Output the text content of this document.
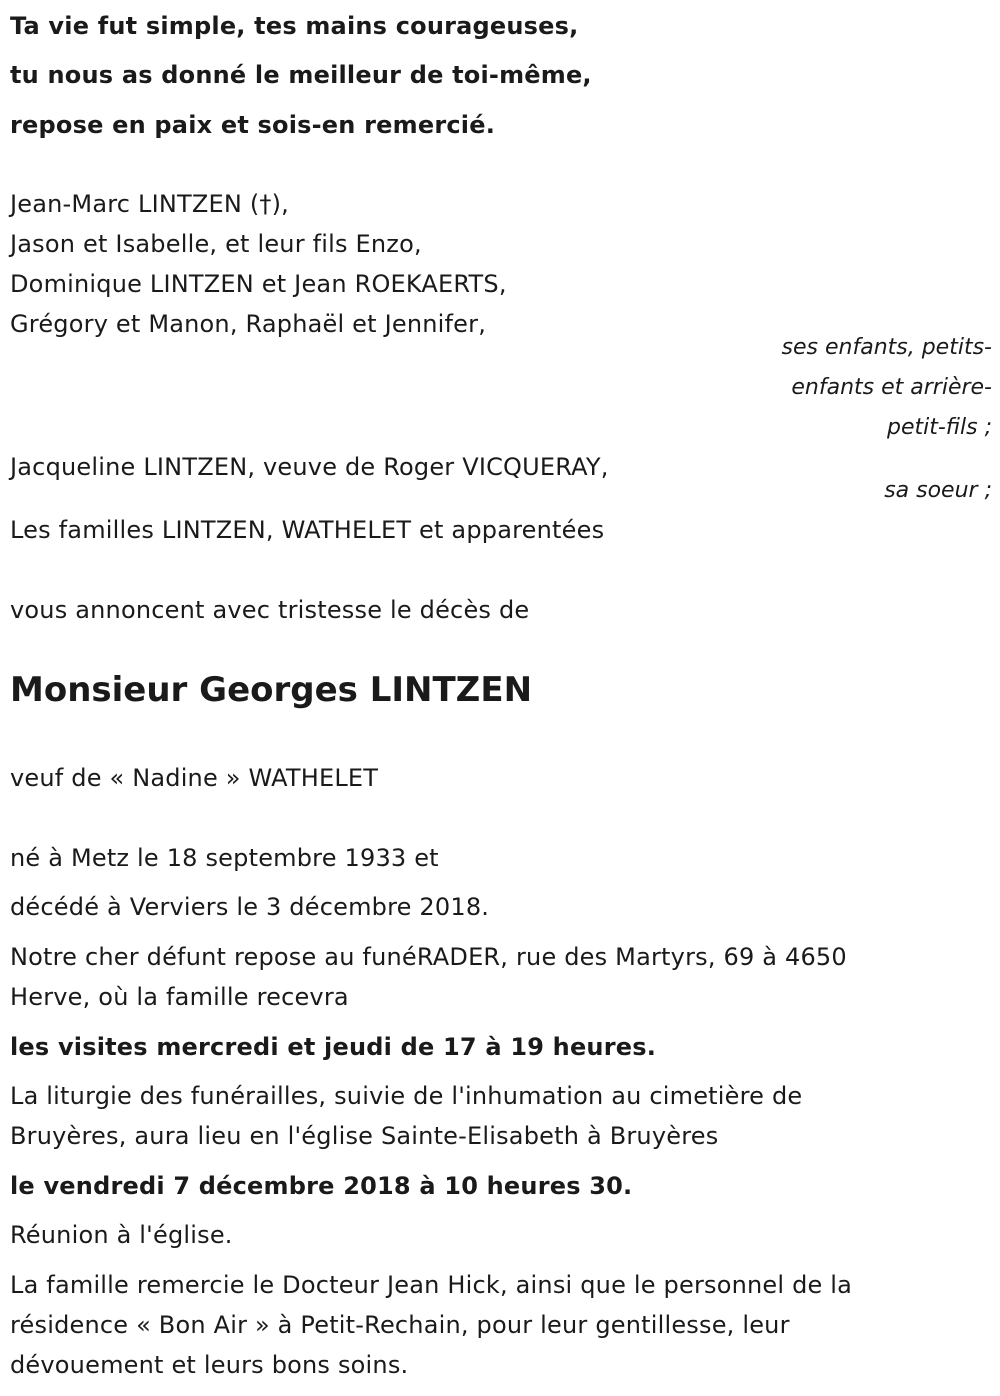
Ta vie fut simple, tes mains courageuses,
tu nous as donné le meilleur de toi-même,
repose en paix et sois-en remercié.
Jean-Marc LINTZEN (†),
Jason et Isabelle, et leur fils Enzo,
Dominique LINTZEN et Jean ROEKAERTS,
Grégory et Manon, Raphaël et Jennifer,
ses enfants, petits-
enfants et arrière-
petit-fils ;
Jacqueline LINTZEN, veuve de Roger VICQUERAY,
sa soeur ;
Les familles LINTZEN, WATHELET et apparentées
vous annoncent avec tristesse le décès de
Monsieur Georges LINTZEN
veuf de « Nadine » WATHELET
né à Metz le 18 septembre 1933 et
décédé à Verviers le 3 décembre 2018.
Notre cher défunt repose au funéRADER, rue des Martyrs, 69 à 4650
Herve, où la famille recevra
les visites mercredi et jeudi de 17 à 19 heures.
La liturgie des funérailles, suivie de l'inhumation au cimetière de
Bruyères, aura lieu en l'église Sainte-Elisabeth à Bruyères
le vendredi 7 décembre 2018 à 10 heures 30.
Réunion à l'église.
La famille remercie le Docteur Jean Hick, ainsi que le personnel de la
résidence « Bon Air » à Petit-Rechain, pour leur gentillesse, leur
dévouement et leurs bons soins.
